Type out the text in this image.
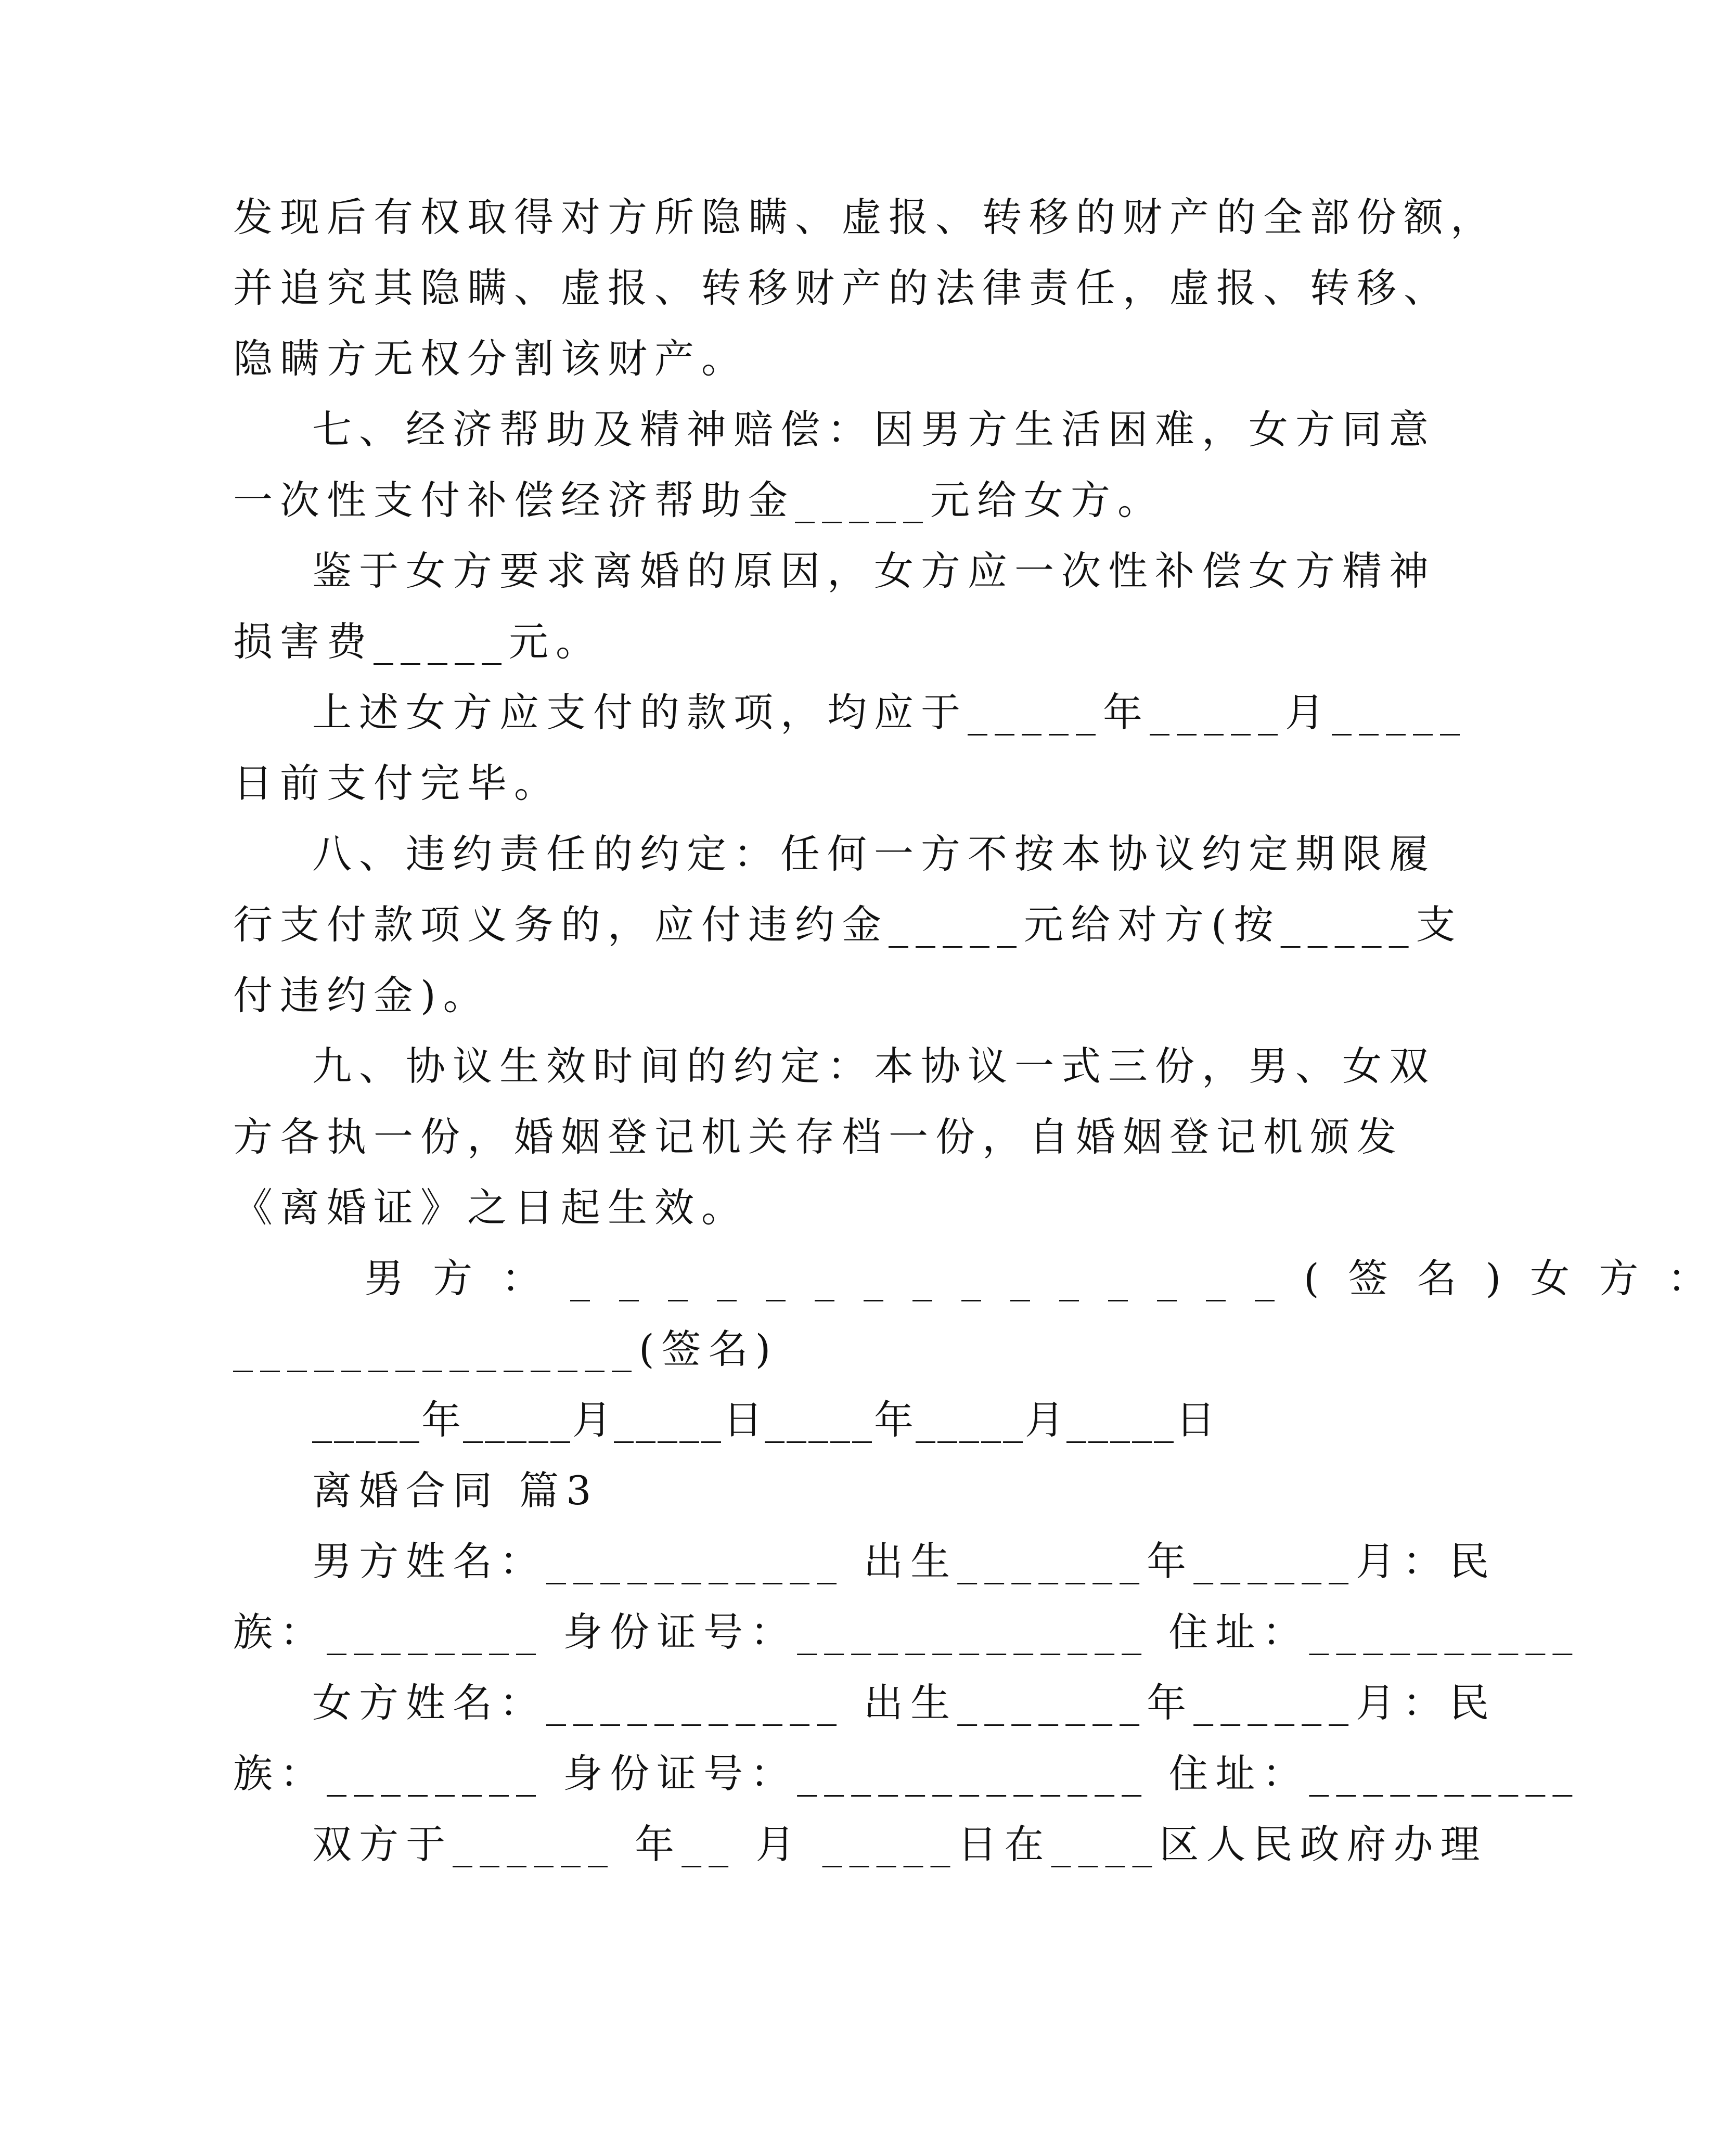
发现后有权取得对方所隐瞒、虚报、转移的财产的全部份额，
并追究其隐瞒、虚报、转移财产的法律责任，虚报、转移、
隐瞒方无权分割该财产。
七、经济帮助及精神赔偿：因男方生活困难，女方同意
一次性支付补偿经济帮助金_____元给女方。
鉴于女方要求离婚的原因，女方应一次性补偿女方精神
损害费_____元。
上述女方应支付的款项，均应于_____年_____月_____
日前支付完毕。
八、违约责任的约定：任何一方不按本协议约定期限履
行支付款项义务的，应付违约金_____元给对方(按_____支
付违约金)。
九、协议生效时间的约定：本协议一式三份，男、女双
方各执一份，婚姻登记机关存档一份，自婚姻登记机颁发
《离婚证》之日起生效。
男方：_______________(签名)女方：
_______________(签名)
_____年_____月_____日_____年_____月_____日
离婚合同 篇3
男方姓名：___________ 出生_______年______月：民
族：________ 身份证号：_____________ 住址：__________
女方姓名：___________ 出生_______年______月：民
族：________ 身份证号：_____________ 住址：__________
双方于______ 年__ 月 _____日在____区人民政府办理
